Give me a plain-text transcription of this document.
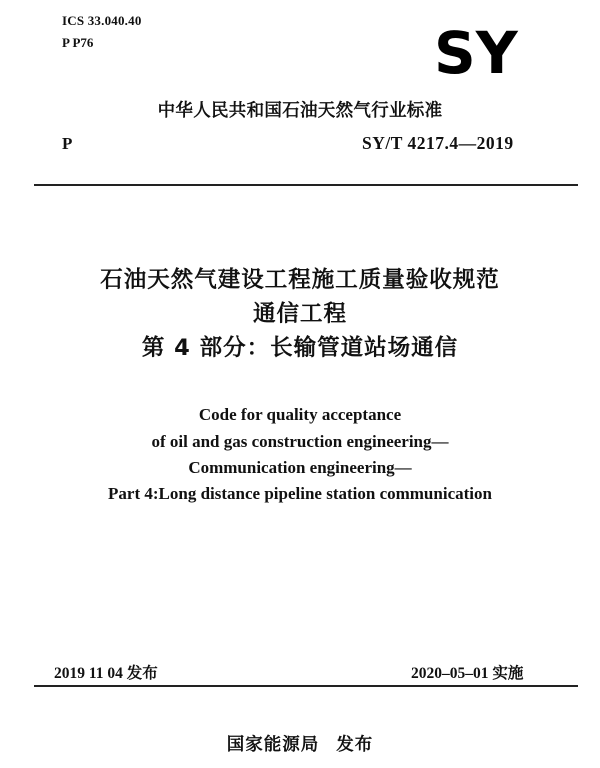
ICS 33.040.40
P P76	SY
中华人民共和国石油天然气行业标准
P	SY/T 4217.4—2019
石油天然气建设工程施工质量验收规范
通信工程
第 4 部分：长输管道站场通信
Code for quality acceptance
of oil and gas construction engineering—
Communication engineering—
Part 4:Long distance pipeline station communication
2019 11 04 发布	2020–05–01 实施
国家能源局 发布
